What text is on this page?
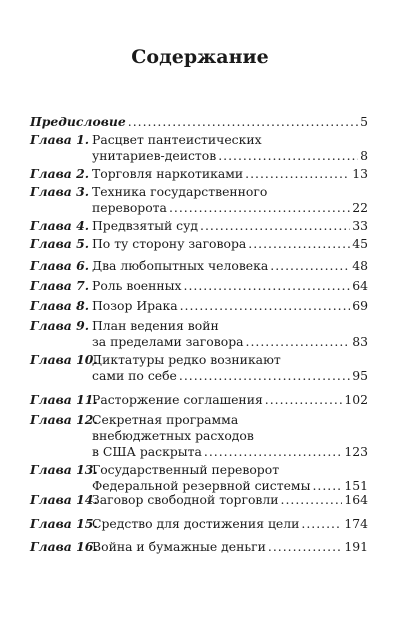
Содержание
Предисловие .....	5
Глава 1. Расцвет пантеистических
унитариев-деистов .....	8
Глава 2. Торговля наркотиками .....	13
Глава 3. Техника государственного
переворота .....	22
Глава 4. Предвзятый суд .....	33
Глава 5. По ту сторону заговора .....	45
Глава 6. Два любопытных человека .....	48
Глава 7. Роль военных .....	64
Глава 8. Позор Ирака .....	69
Глава 9. План ведения войн
за пределами заговора .....	83
Глава 10.
Диктатуры редко возникают
сами по себе .....	95
Глава 11.
Расторжение соглашения .....	102
Глава 12.
Секретная программа
внебюджетных расходов
в США раскрыта .....	123
Глава 13.
Государственный переворот
Федеральной резервной системы .....	151
Глава 14.
Заговор свободной торговли .....	164
Глава 15.
Средство для достижения цели .....	174
Глава 16.
Война и бумажные деньги .....	191
